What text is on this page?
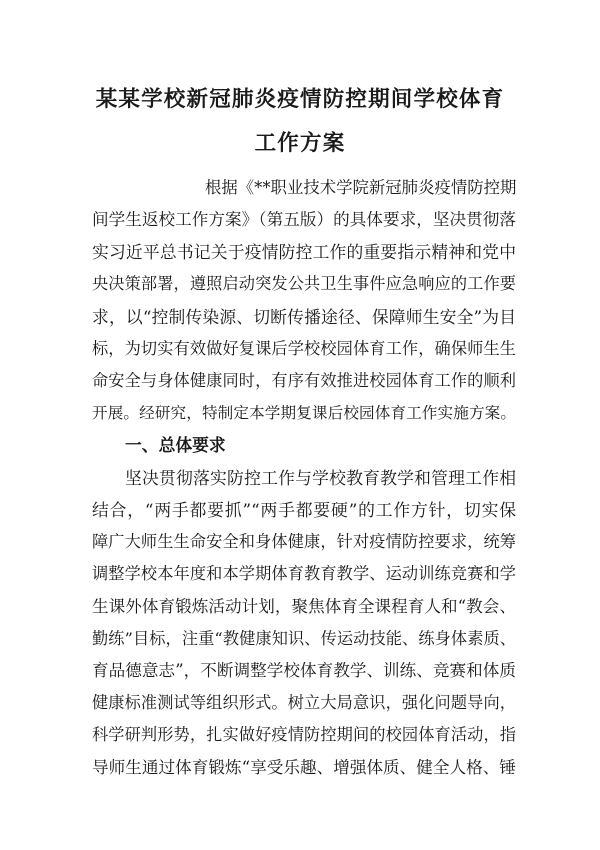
某某学校新冠肺炎疫情防控期间学校体育
工作方案

根据《**职业技术学院新冠肺炎疫情防控期

间学生返校工作方案》（第五版）的具体要求，坚决贯彻落

实习近平总书记关于疫情防控工作的重要指示精神和党中

央决策部署，遵照启动突发公共卫生事件应急响应的工作要

求，以“控制传染源、切断传播途径、保障师生安全”为目

标，为切实有效做好复课后学校校园体育工作，确保师生生

命安全与身体健康同时，有序有效推进校园体育工作的顺利

开展。经研究，特制定本学期复课后校园体育工作实施方案。

一、总体要求

坚决贯彻落实防控工作与学校教育教学和管理工作相

结合，“两手都要抓”“两手都要硬”的工作方针，切实保

障广大师生生命安全和身体健康，针对疫情防控要求，统筹

调整学校本年度和本学期体育教育教学、运动训练竞赛和学

生课外体育锻炼活动计划，聚焦体育全课程育人和“教会、

勤练”目标，注重“教健康知识、传运动技能、练身体素质、

育品德意志”，不断调整学校体育教学、训练、竞赛和体质

健康标准测试等组织形式。树立大局意识，强化问题导向，

科学研判形势，扎实做好疫情防控期间的校园体育活动，指

导师生通过体育锻炼“享受乐趣、增强体质、健全人格、锤
